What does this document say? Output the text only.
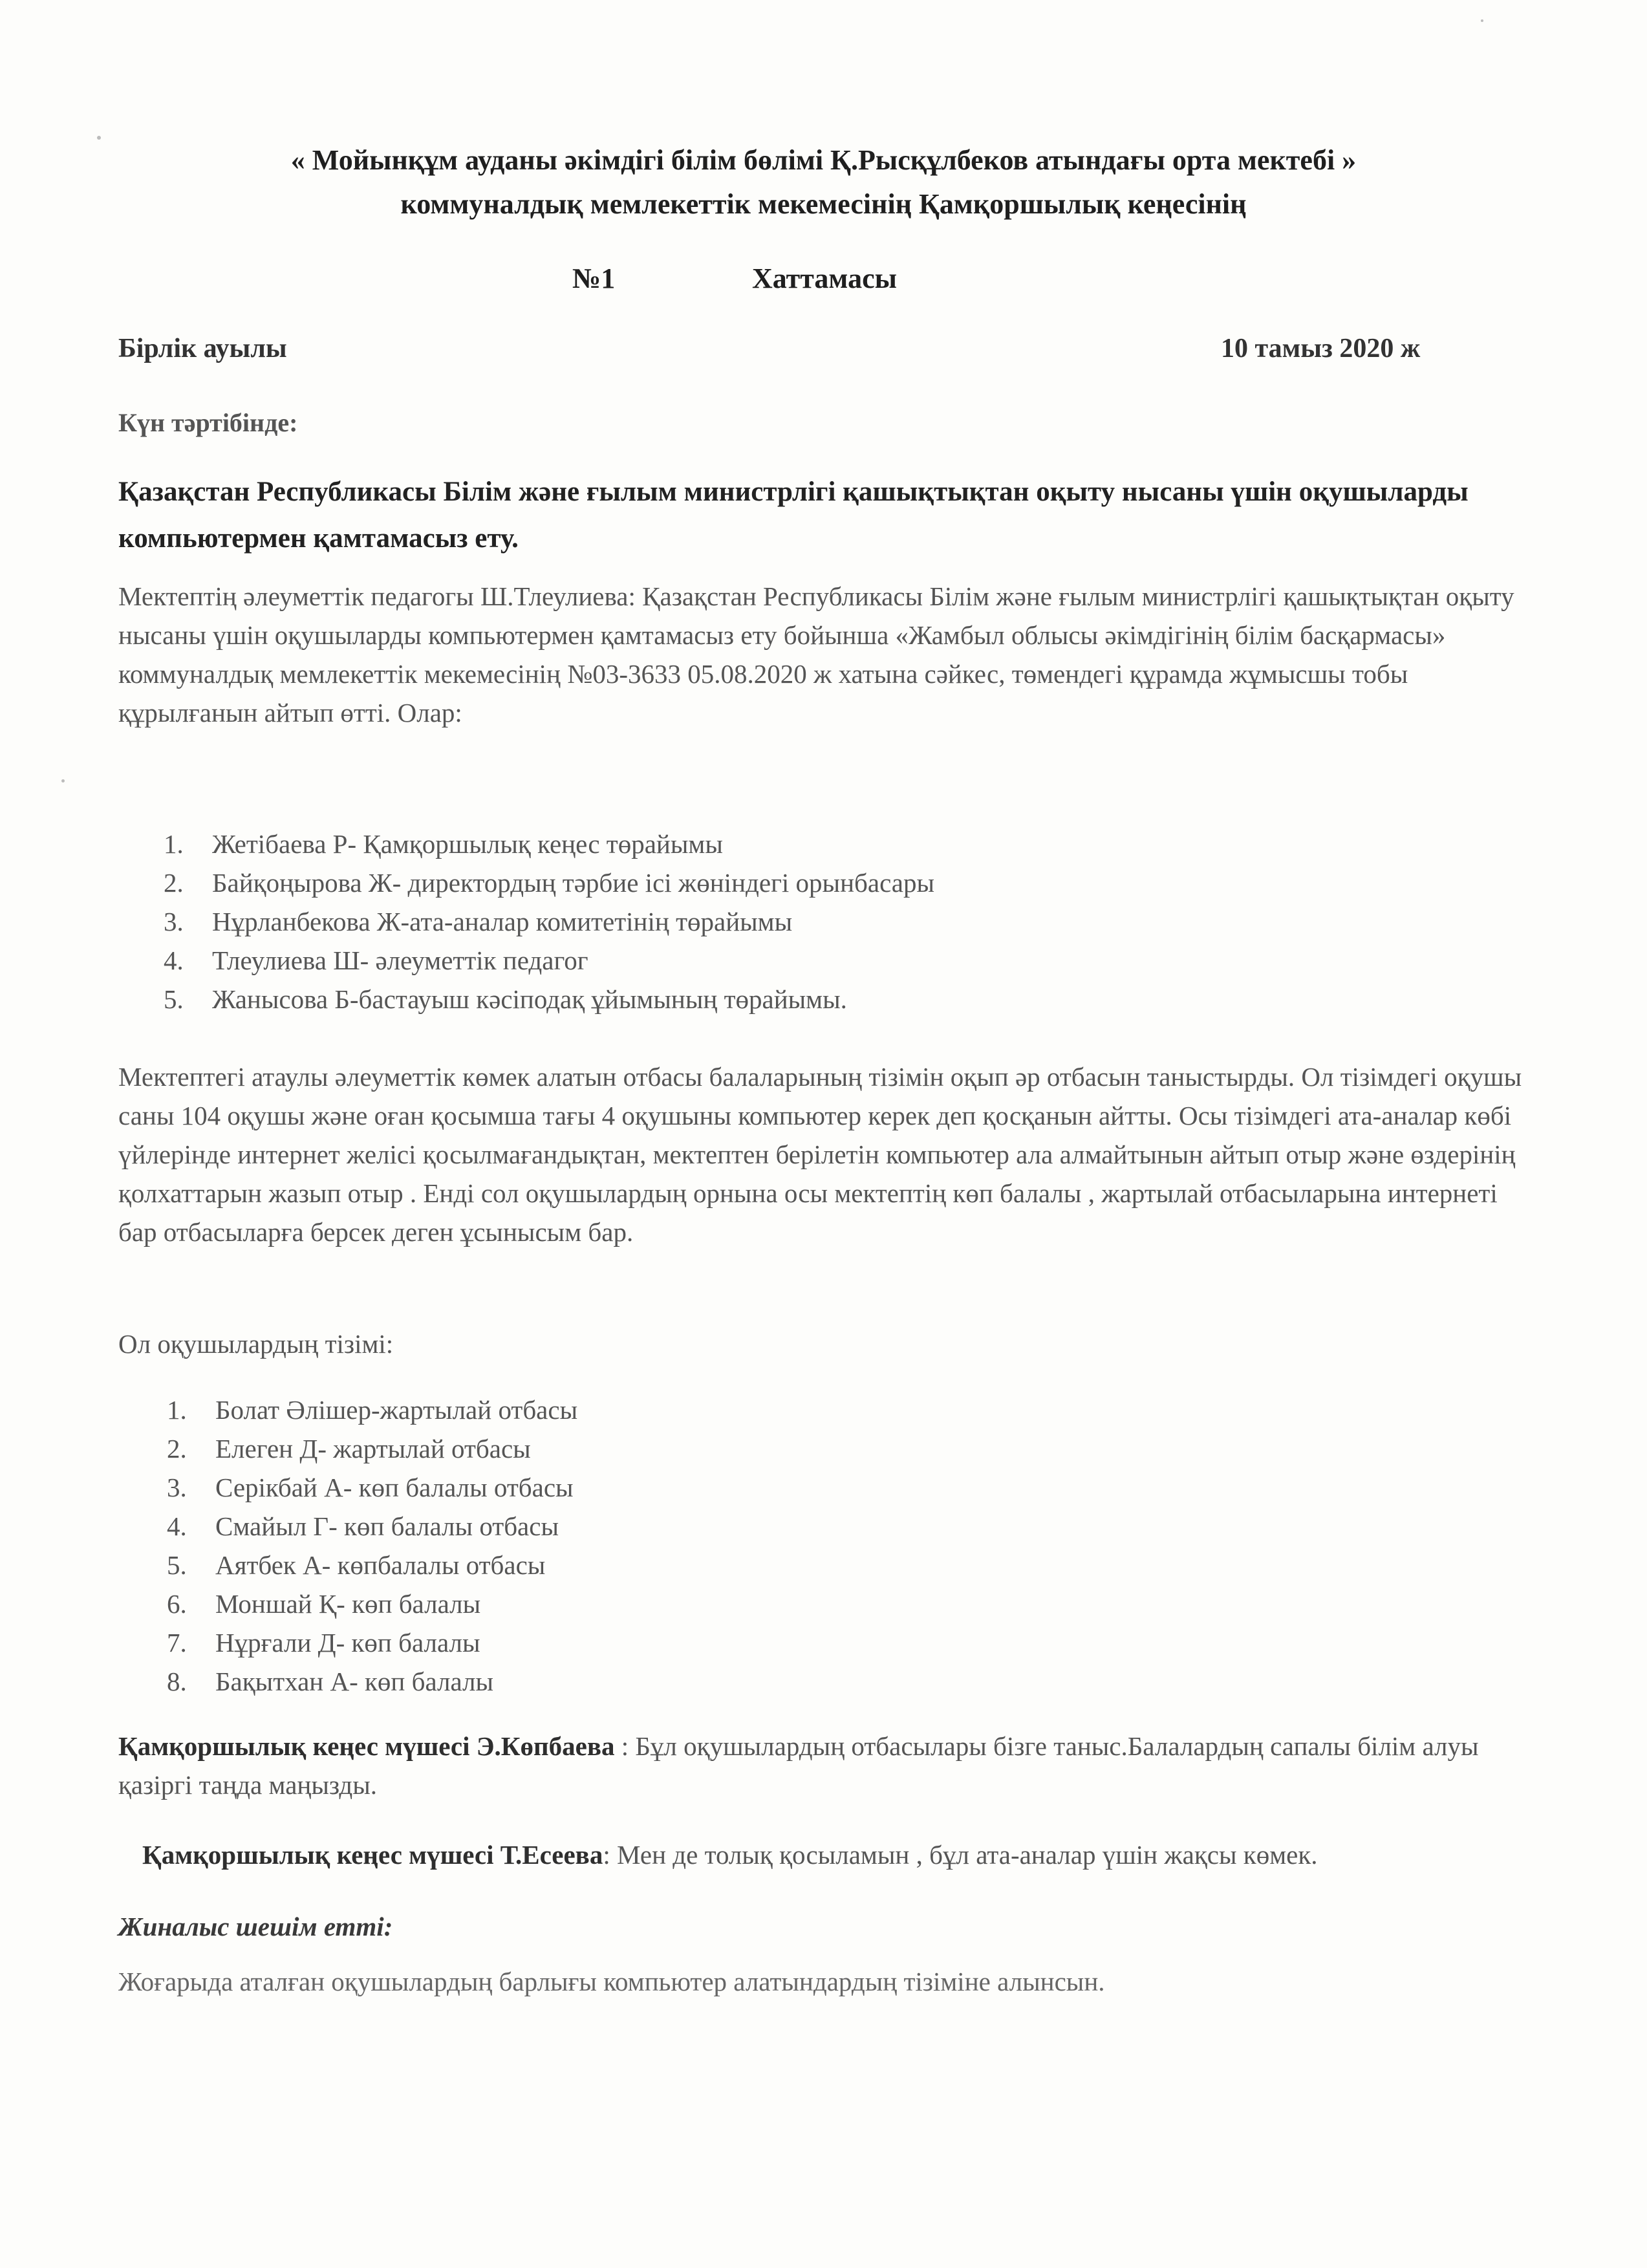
« Мойынқұм ауданы әкімдігі білім бөлімі Қ.Рысқұлбеков атындағы орта мектебі »
коммуналдық мемлекеттік мекемесінің Қамқоршылық кеңесінің
№1	Хаттамасы
Бірлік ауылы	10 тамыз 2020 ж
Күн тәртібінде:
Қазақстан Республикасы Білім және ғылым министрлігі қашықтықтан оқыту нысаны үшін оқушыларды компьютермен қамтамасыз ету.
Мектептің әлеуметтік педагогы Ш.Тлеулиева: Қазақстан Республикасы Білім және ғылым министрлігі қашықтықтан оқыту нысаны үшін оқушыларды компьютермен қамтамасыз ету бойынша «Жамбыл облысы әкімдігінің білім басқармасы» коммуналдық мемлекеттік мекемесінің №03-3633 05.08.2020 ж хатына сәйкес, төмендегі құрамда жұмысшы тобы құрылғанын айтып өтті. Олар:
1. Жетібаева Р- Қамқоршылық кеңес төрайымы
2. Байқоңырова Ж- директордың тәрбие ісі жөніндегі орынбасары
3. Нұрланбекова Ж-ата-аналар комитетінің төрайымы
4. Тлеулиева Ш- әлеуметтік педагог
5. Жанысова Б-бастауыш кәсіподақ ұйымының төрайымы.
Мектептегі атаулы әлеуметтік көмек алатын отбасы балаларының тізімін оқып әр отбасын таныстырды. Ол тізімдегі оқушы саны 104 оқушы және оған қосымша тағы 4 оқушыны компьютер керек деп қосқанын айтты. Осы тізімдегі ата-аналар көбі үйлерінде интернет желісі қосылмағандықтан, мектептен берілетін компьютер ала алмайтынын айтып отыр және өздерінің қолхаттарын жазып отыр . Енді сол оқушылардың орнына осы мектептің көп балалы , жартылай отбасыларына интернеті бар отбасыларға берсек деген ұсынысым бар.
Ол оқушылардың тізімі:
1. Болат Әлішер-жартылай отбасы
2. Елеген Д- жартылай отбасы
3. Серікбай А- көп балалы отбасы
4. Смайыл Г- көп балалы отбасы
5. Аятбек А- көпбалалы отбасы
6. Моншай Қ- көп балалы
7. Нұрғали Д- көп балалы
8. Бақытхан А- көп балалы
Қамқоршылық кеңес мүшесі Э.Көпбаева : Бұл оқушылардың отбасылары бізге таныс.Балалардың сапалы білім алуы қазіргі таңда маңызды.
Қамқоршылық кеңес мүшесі Т.Есеева: Мен де толық қосыламын , бұл ата-аналар үшін жақсы көмек.
Жиналыс шешім етті:
Жоғарыда аталған оқушылардың барлығы компьютер алатындардың тізіміне алынсын.
